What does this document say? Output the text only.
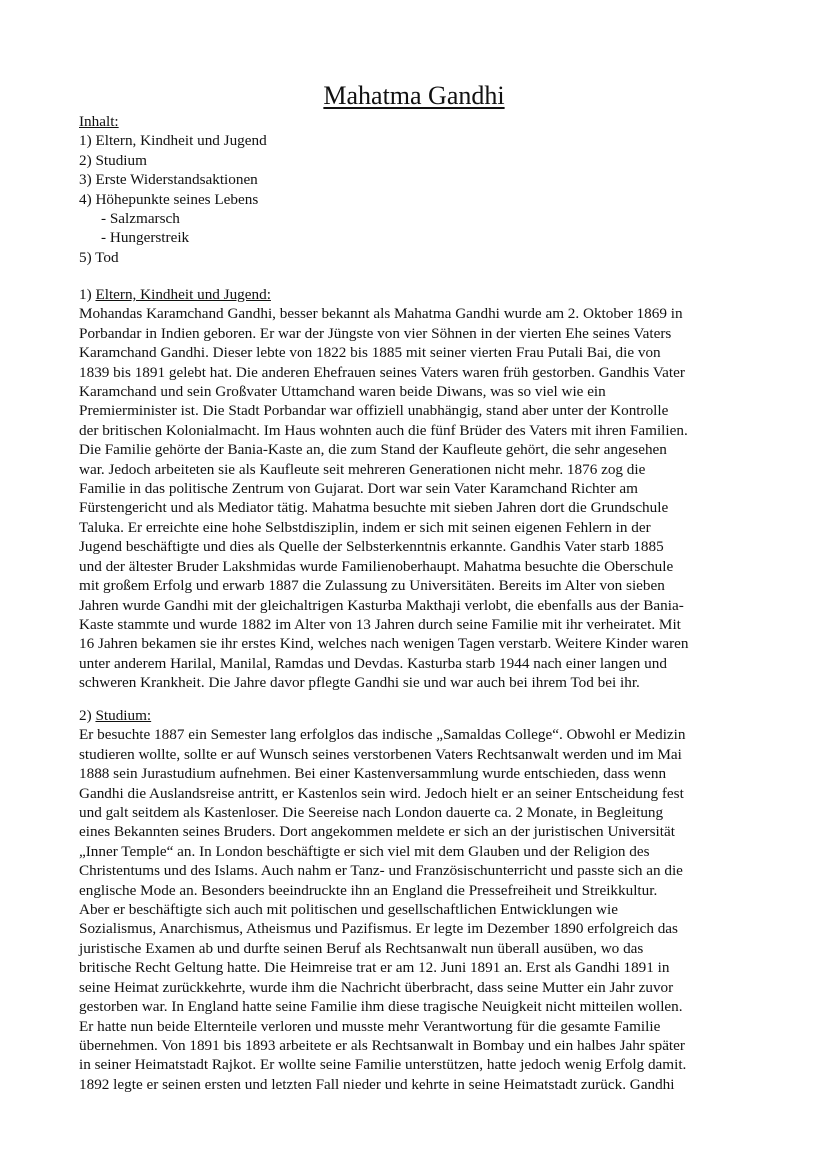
Mahatma Gandhi
Inhalt:
1) Eltern, Kindheit und Jugend
2) Studium
3) Erste Widerstandsaktionen
4) Höhepunkte seines Lebens
- Salzmarsch
- Hungerstreik
5) Tod
1) Eltern, Kindheit und Jugend:
Mohandas Karamchand Gandhi, besser bekannt als Mahatma Gandhi wurde am 2. Oktober 1869 in
Porbandar in Indien geboren. Er war der Jüngste von vier Söhnen in der vierten Ehe seines Vaters
Karamchand Gandhi. Dieser lebte von 1822 bis 1885 mit seiner vierten Frau Putali Bai, die von
1839 bis 1891 gelebt hat. Die anderen Ehefrauen seines Vaters waren früh gestorben. Gandhis Vater
Karamchand und sein Großvater Uttamchand waren beide Diwans, was so viel wie ein
Premierminister ist. Die Stadt Porbandar war offiziell unabhängig, stand aber unter der Kontrolle
der britischen Kolonialmacht. Im Haus wohnten auch die fünf Brüder des Vaters mit ihren Familien.
Die Familie gehörte der Bania-Kaste an, die zum Stand der Kaufleute gehört, die sehr angesehen
war. Jedoch arbeiteten sie als Kaufleute seit mehreren Generationen nicht mehr. 1876 zog die
Familie in das politische Zentrum von Gujarat. Dort war sein Vater Karamchand Richter am
Fürstengericht und als Mediator tätig. Mahatma besuchte mit sieben Jahren dort die Grundschule
Taluka. Er erreichte eine hohe Selbstdisziplin, indem er sich mit seinen eigenen Fehlern in der
Jugend beschäftigte und dies als Quelle der Selbsterkenntnis erkannte. Gandhis Vater starb 1885
und der ältester Bruder Lakshmidas wurde Familienoberhaupt. Mahatma besuchte die Oberschule
mit großem Erfolg und erwarb 1887 die Zulassung zu Universitäten. Bereits im Alter von sieben
Jahren wurde Gandhi mit der gleichaltrigen Kasturba Makthaji verlobt, die ebenfalls aus der Bania-
Kaste stammte und wurde 1882 im Alter von 13 Jahren durch seine Familie mit ihr verheiratet. Mit
16 Jahren bekamen sie ihr erstes Kind, welches nach wenigen Tagen verstarb. Weitere Kinder waren
unter anderem Harilal, Manilal, Ramdas und Devdas. Kasturba starb 1944 nach einer langen und
schweren Krankheit. Die Jahre davor pflegte Gandhi sie und war auch bei ihrem Tod bei ihr.
2) Studium:
Er besuchte 1887 ein Semester lang erfolglos das indische „Samaldas College“. Obwohl er Medizin
studieren wollte, sollte er auf Wunsch seines verstorbenen Vaters Rechtsanwalt werden und im Mai
1888 sein Jurastudium aufnehmen. Bei einer Kastenversammlung wurde entschieden, dass wenn
Gandhi die Auslandsreise antritt, er Kastenlos sein wird. Jedoch hielt er an seiner Entscheidung fest
und galt seitdem als Kastenloser. Die Seereise nach London dauerte ca. 2 Monate, in Begleitung
eines Bekannten seines Bruders. Dort angekommen meldete er sich an der juristischen Universität
„Inner Temple“ an. In London beschäftigte er sich viel mit dem Glauben und der Religion des
Christentums und des Islams. Auch nahm er Tanz- und Französischunterricht und passte sich an die
englische Mode an. Besonders beeindruckte ihn an England die Pressefreiheit und Streikkultur.
Aber er beschäftigte sich auch mit politischen und gesellschaftlichen Entwicklungen wie
Sozialismus, Anarchismus, Atheismus und Pazifismus. Er legte im Dezember 1890 erfolgreich das
juristische Examen ab und durfte seinen Beruf als Rechtsanwalt nun überall ausüben, wo das
britische Recht Geltung hatte. Die Heimreise trat er am 12. Juni 1891 an. Erst als Gandhi 1891 in
seine Heimat zurückkehrte, wurde ihm die Nachricht überbracht, dass seine Mutter ein Jahr zuvor
gestorben war. In England hatte seine Familie ihm diese tragische Neuigkeit nicht mitteilen wollen.
Er hatte nun beide Elternteile verloren und musste mehr Verantwortung für die gesamte Familie
übernehmen. Von 1891 bis 1893 arbeitete er als Rechtsanwalt in Bombay und ein halbes Jahr später
in seiner Heimatstadt Rajkot. Er wollte seine Familie unterstützen, hatte jedoch wenig Erfolg damit.
1892 legte er seinen ersten und letzten Fall nieder und kehrte in seine Heimatstadt zurück. Gandhi
